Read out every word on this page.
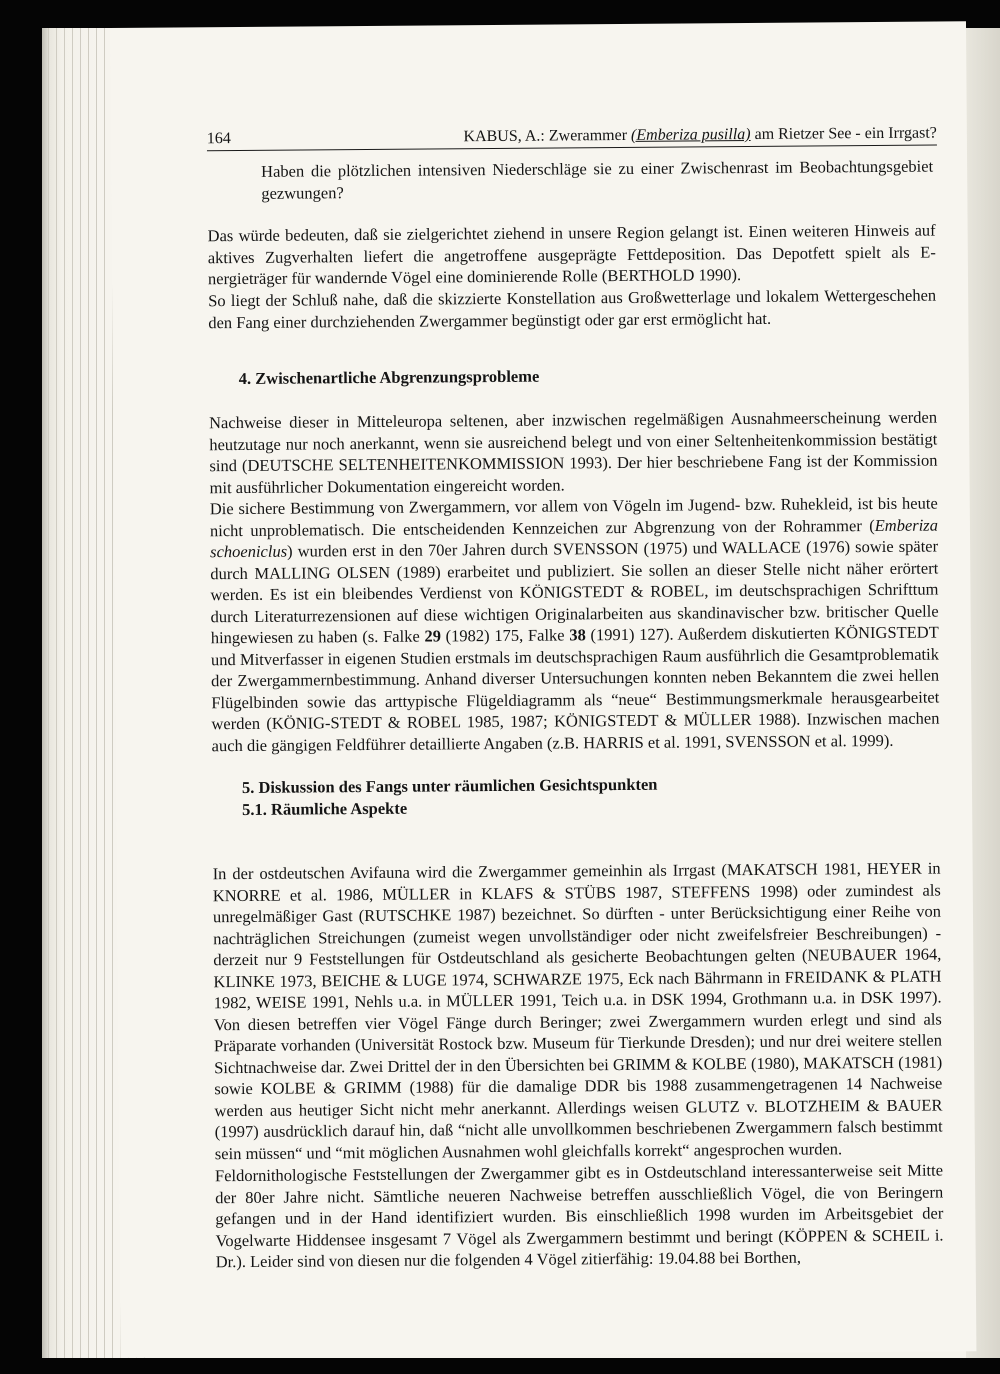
164	KABUS, A.: Zwerammer (Emberiza pusilla) am Rietzer See - ein Irrgast?

Haben die plötzlichen intensiven Niederschläge sie zu einer Zwischenrast im Beobachtungsgebiet gezwungen?

Das würde bedeuten, daß sie zielgerichtet ziehend in unsere Region gelangt ist. Einen weiteren Hinweis auf aktives Zugverhalten liefert die angetroffene ausgeprägte Fettdeposition. Das Depotfett spielt als Energieträger für wandernde Vögel eine dominierende Rolle (BERTHOLD 1990).

So liegt der Schluß nahe, daß die skizzierte Konstellation aus Großwetterlage und lokalem Wettergeschehen den Fang einer durchziehenden Zwergammer begünstigt oder gar erst ermöglicht hat.

4. Zwischenartliche Abgrenzungsprobleme

Nachweise dieser in Mitteleuropa seltenen, aber inzwischen regelmäßigen Ausnahmeerscheinung werden heutzutage nur noch anerkannt, wenn sie ausreichend belegt und von einer Seltenheitenkommission bestätigt sind (DEUTSCHE SELTENHEITENKOMMISSION 1993). Der hier beschriebene Fang ist der Kommission mit ausführlicher Dokumentation eingereicht worden.

Die sichere Bestimmung von Zwergammern, vor allem von Vögeln im Jugend- bzw. Ruhekleid, ist bis heute nicht unproblematisch. Die entscheidenden Kennzeichen zur Abgrenzung von der Rohrammer (Emberiza schoeniclus) wurden erst in den 70er Jahren durch SVENSSON (1975) und WALLACE (1976) sowie später durch MALLING OLSEN (1989) erarbeitet und publiziert. Sie sollen an dieser Stelle nicht näher erörtert werden. Es ist ein bleibendes Verdienst von KÖNIGSTEDT & ROBEL, im deutschsprachigen Schrifttum durch Literaturrezensionen auf diese wichtigen Originalarbeiten aus skandinavischer bzw. britischer Quelle hingewiesen zu haben (s. Falke 29 (1982) 175, Falke 38 (1991) 127). Außerdem diskutierten KÖNIGSTEDT und Mitverfasser in eigenen Studien erstmals im deutschsprachigen Raum ausführlich die Gesamtproblematik der Zwergammernbestimmung. Anhand diverser Untersuchungen konnten neben Bekanntem die zwei hellen Flügelbinden sowie das arttypische Flügeldiagramm als “neue“ Bestimmungsmerkmale herausgearbeitet werden (KÖNIG-STEDT & ROBEL 1985, 1987; KÖNIGSTEDT & MÜLLER 1988). Inzwischen machen auch die gängigen Feldführer detaillierte Angaben (z.B. HARRIS et al. 1991, SVENSSON et al. 1999).

5. Diskussion des Fangs unter räumlichen Gesichtspunkten
5.1. Räumliche Aspekte

In der ostdeutschen Avifauna wird die Zwergammer gemeinhin als Irrgast (MAKATSCH 1981, HEYER in KNORRE et al. 1986, MÜLLER in KLAFS & STÜBS 1987, STEFFENS 1998) oder zumindest als unregelmäßiger Gast (RUTSCHKE 1987) bezeichnet. So dürften - unter Berücksichtigung einer Reihe von nachträglichen Streichungen (zumeist wegen unvollständiger oder nicht zweifelsfreier Beschreibungen) - derzeit nur 9 Feststellungen für Ostdeutschland als gesicherte Beobachtungen gelten (NEUBAUER 1964, KLINKE 1973, BEICHE & LUGE 1974, SCHWARZE 1975, Eck nach Bährmann in FREIDANK & PLATH 1982, WEISE 1991, Nehls u.a. in MÜLLER 1991, Teich u.a. in DSK 1994, Grothmann u.a. in DSK 1997). Von diesen betreffen vier Vögel Fänge durch Beringer; zwei Zwergammern wurden erlegt und sind als Präparate vorhanden (Universität Rostock bzw. Museum für Tierkunde Dresden); und nur drei weitere stellen Sichtnachweise dar. Zwei Drittel der in den Übersichten bei GRIMM & KOLBE (1980), MAKATSCH (1981) sowie KOLBE & GRIMM (1988) für die damalige DDR bis 1988 zusammengetragenen 14 Nachweise werden aus heutiger Sicht nicht mehr anerkannt. Allerdings weisen GLUTZ v. BLOTZHEIM & BAUER (1997) ausdrücklich darauf hin, daß “nicht alle unvollkommen beschriebenen Zwergammern falsch bestimmt sein müssen“ und “mit möglichen Ausnahmen wohl gleichfalls korrekt“ angesprochen wurden.

Feldornithologische Feststellungen der Zwergammer gibt es in Ostdeutschland interessanterweise seit Mitte der 80er Jahre nicht. Sämtliche neueren Nachweise betreffen ausschließlich Vögel, die von Beringern gefangen und in der Hand identifiziert wurden. Bis einschließlich 1998 wurden im Arbeitsgebiet der Vogelwarte Hiddensee insgesamt 7 Vögel als Zwergammern bestimmt und beringt (KÖPPEN & SCHEIL i. Dr.). Leider sind von diesen nur die folgenden 4 Vögel zitierfähig: 19.04.88 bei Borthen,
